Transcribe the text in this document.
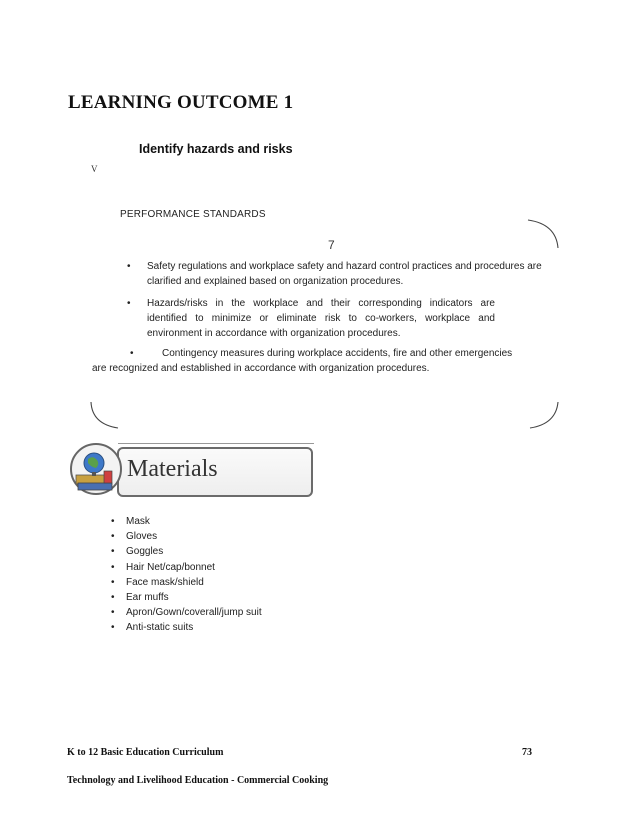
LEARNING OUTCOME 1
Identify hazards and risks
V
PERFORMANCE STANDARDS
7
• Safety regulations and workplace safety and hazard control practices and procedures are clarified and explained based on organization procedures.
• Hazards/risks in the workplace and their corresponding indicators are identified to minimize or eliminate risk to co-workers, workplace and environment in accordance with organization procedures.
•	Contingency measures during workplace accidents, fire and other emergencies
are recognized and established in accordance with organization procedures.
Materials
• Mask
• Gloves
• Goggles
• Hair Net/cap/bonnet
• Face mask/shield
• Ear muffs
• Apron/Gown/coverall/jump suit
• Anti-static suits
K to 12 Basic Education Curriculum	73
Technology and Livelihood Education - Commercial Cooking
